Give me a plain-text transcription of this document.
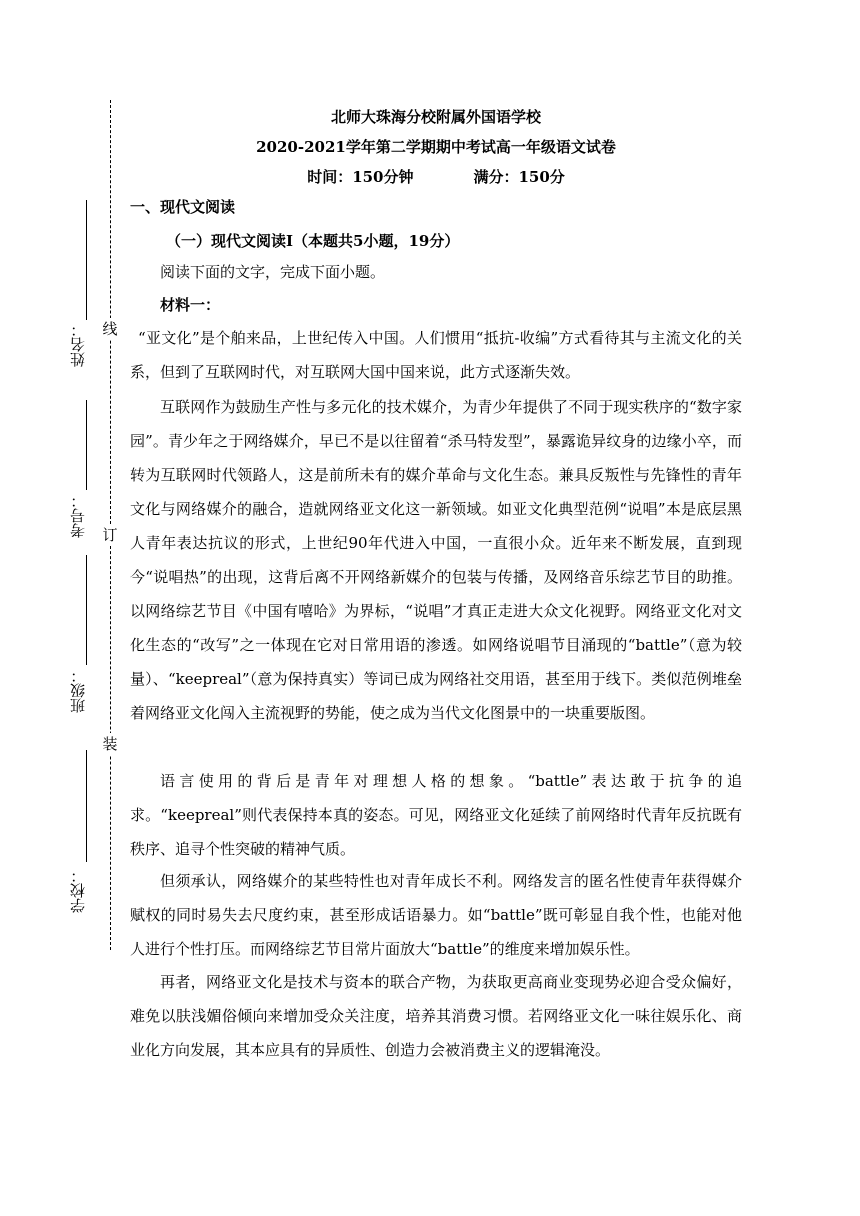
线
订
装
姓名：
考号：
班级：
学校：
北师大珠海分校附属外国语学校
2020-2021学年第二学期期中考试高一年级语文试卷
时间：150分钟	满分：150分
一、现代文阅读
（一）现代文阅读Ⅰ（本题共5小题，19分）
阅读下面的文字，完成下面小题。
材料一：

“亚文化”是个舶来品，上世纪传入中国。人们惯用“抵抗-收编”方式看待其与主流文化的关系，但到了互联网时代，对互联网大国中国来说，此方式逐渐失效。

互联网作为鼓励生产性与多元化的技术媒介，为青少年提供了不同于现实秩序的“数字家园”。青少年之于网络媒介，早已不是以往留着“杀马特发型”，暴露诡异纹身的边缘小卒，而转为互联网时代领路人，这是前所未有的媒介革命与文化生态。兼具反叛性与先锋性的青年文化与网络媒介的融合，造就网络亚文化这一新领域。如亚文化典型范例“说唱”本是底层黑人青年表达抗议的形式，上世纪90年代进入中国，一直很小众。近年来不断发展，直到现今“说唱热”的出现，这背后离不开网络新媒介的包装与传播，及网络音乐综艺节目的助推。以网络综艺节目《中国有嘻哈》为界标，“说唱”才真正走进大众文化视野。网络亚文化对文化生态的“改写”之一体现在它对日常用语的渗透。如网络说唱节目涌现的“battle”（意为较量）、“keepreal”（意为保持真实）等词已成为网络社交用语，甚至用于线下。类似范例堆垒着网络亚文化闯入主流视野的势能，使之成为当代文化图景中的一块重要版图。

语言使用的背后是青年对理想人格的想象。“battle”表达敢于抗争的追求。“keepreal”则代表保持本真的姿态。可见，网络亚文化延续了前网络时代青年反抗既有秩序、追寻个性突破的精神气质。

但须承认，网络媒介的某些特性也对青年成长不利。网络发言的匿名性使青年获得媒介赋权的同时易失去尺度约束，甚至形成话语暴力。如“battle”既可彰显自我个性，也能对他人进行个性打压。而网络综艺节目常片面放大“battle”的维度来增加娱乐性。

再者，网络亚文化是技术与资本的联合产物，为获取更高商业变现势必迎合受众偏好，难免以肤浅媚俗倾向来增加受众关注度，培养其消费习惯。若网络亚文化一味往娱乐化、商业化方向发展，其本应具有的异质性、创造力会被消费主义的逻辑淹没。
